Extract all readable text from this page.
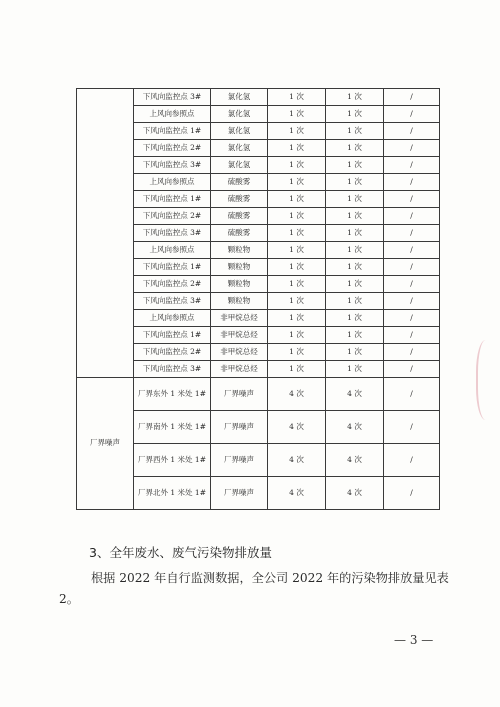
	下风向监控点 3#	氯化氢	1 次	1 次	/
	上风向参照点	氯化氢	1 次	1 次	/
	下风向监控点 1#	氯化氢	1 次	1 次	/
	下风向监控点 2#	氯化氢	1 次	1 次	/
	下风向监控点 3#	氯化氢	1 次	1 次	/
	上风向参照点	硫酸雾	1 次	1 次	/
	下风向监控点 1#	硫酸雾	1 次	1 次	/
	下风向监控点 2#	硫酸雾	1 次	1 次	/
	下风向监控点 3#	硫酸雾	1 次	1 次	/
	上风向参照点	颗粒物	1 次	1 次	/
	下风向监控点 1#	颗粒物	1 次	1 次	/
	下风向监控点 2#	颗粒物	1 次	1 次	/
	下风向监控点 3#	颗粒物	1 次	1 次	/
	上风向参照点	非甲烷总烃	1 次	1 次	/
	下风向监控点 1#	非甲烷总烃	1 次	1 次	/
	下风向监控点 2#	非甲烷总烃	1 次	1 次	/
	下风向监控点 3#	非甲烷总烃	1 次	1 次	/
厂界噪声	厂界东外 1 米处 1#	厂界噪声	4 次	4 次	/
	厂界南外 1 米处 1#	厂界噪声	4 次	4 次	/
	厂界西外 1 米处 1#	厂界噪声	4 次	4 次	/
	厂界北外 1 米处 1#	厂界噪声	4 次	4 次	/
3、全年废水、废气污染物排放量
根据 2022 年自行监测数据，全公司 2022 年的污染物排放量见表 2。
— 3 —
